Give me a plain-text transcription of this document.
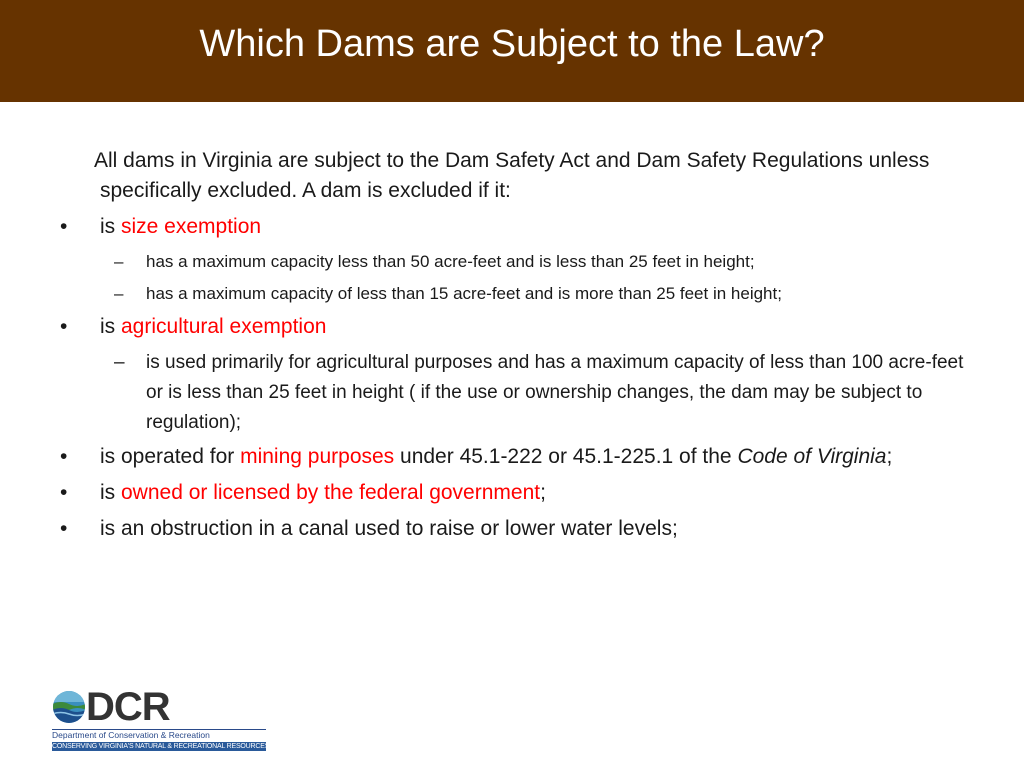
Which Dams are Subject to the Law?

All dams in Virginia are subject to the Dam Safety Act and Dam Safety Regulations unless specifically excluded. A dam is excluded if it:

•	is size exemption
– has a maximum capacity less than 50 acre-feet and is less than 25 feet in height;
– has a maximum capacity of less than 15 acre-feet and is more than 25 feet in height;
•	is agricultural exemption
– is used primarily for agricultural purposes and has a maximum capacity of less than 100 acre-feet or is less than 25 feet in height ( if the use or ownership changes, the dam may be subject to regulation);
•	is operated for mining purposes under 45.1-222 or 45.1-225.1 of the Code of Virginia;
•	is owned or licensed by the federal government;
•	is an obstruction in a canal used to raise or lower water levels;
DCR
Department of Conservation & Recreation
CONSERVING VIRGINIA'S NATURAL & RECREATIONAL RESOURCES
